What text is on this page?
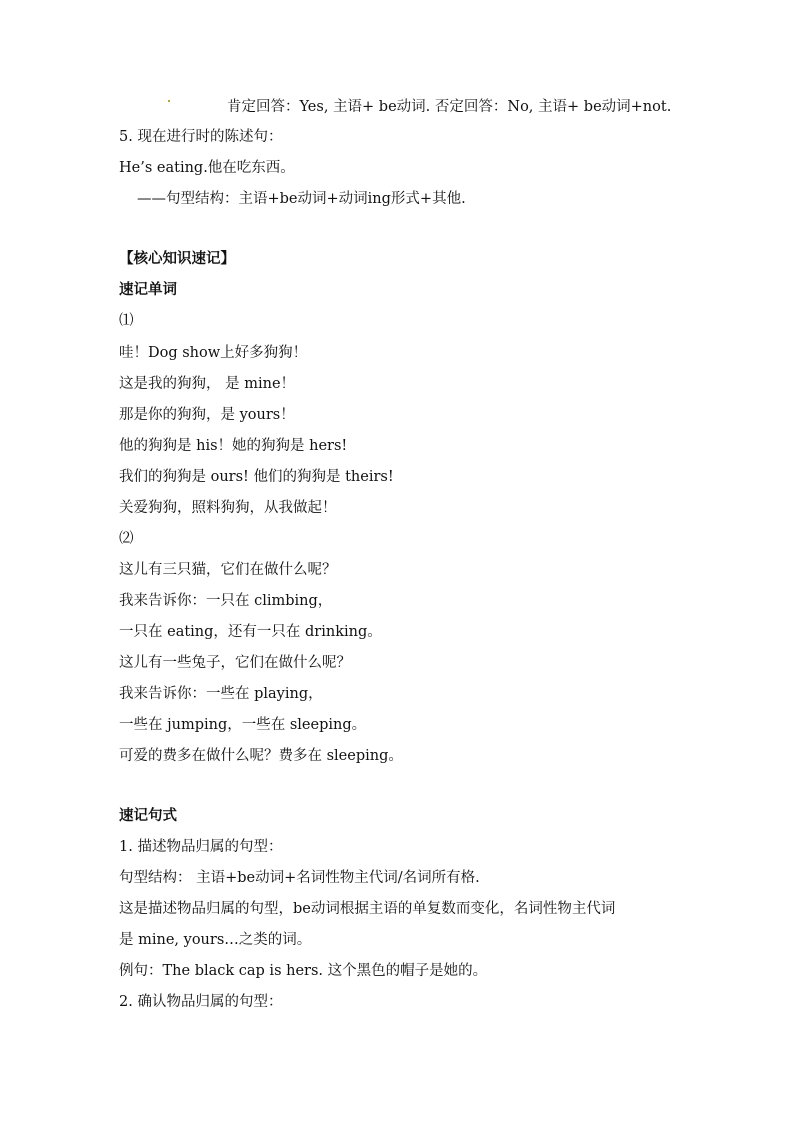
肯定回答：Yes, 主语+ be动词. 否定回答：No, 主语+ be动词+not.
5. 现在进行时的陈述句：
He’s eating.他在吃东西。
——句型结构：主语+be动词+动词ing形式+其他.
【核心知识速记】
速记单词
⑴
哇！Dog show上好多狗狗！
这是我的狗狗， 是 mine！
那是你的狗狗，是 yours！
他的狗狗是 his！她的狗狗是 hers!
我们的狗狗是 ours! 他们的狗狗是 theirs!
关爱狗狗，照料狗狗，从我做起！
⑵
这儿有三只猫，它们在做什么呢？
我来告诉你：一只在 climbing，
一只在 eating，还有一只在 drinking。
这儿有一些兔子，它们在做什么呢？
我来告诉你：一些在 playing，
一些在 jumping，一些在 sleeping。
可爱的费多在做什么呢？费多在 sleeping。
速记句式
1. 描述物品归属的句型：
句型结构： 主语+be动词+名词性物主代词/名词所有格.
这是描述物品归属的句型，be动词根据主语的单复数而变化，名词性物主代词
是 mine, yours…之类的词。
例句：The black cap is hers. 这个黑色的帽子是她的。
2. 确认物品归属的句型：
